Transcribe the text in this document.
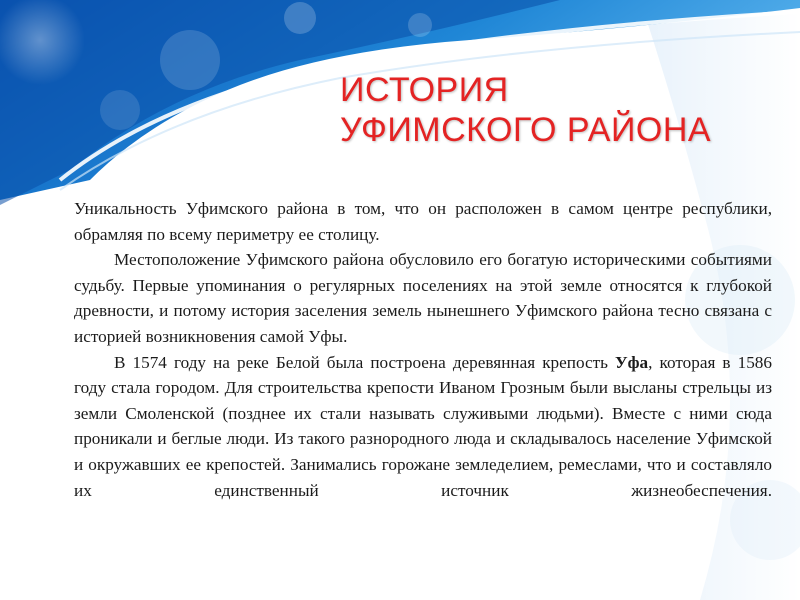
ИСТОРИЯ
УФИМСКОГО РАЙОНА

Уникальность Уфимского района в том, что он расположен в самом центре республики, обрамляя по всему периметру ее столицу.

Местоположение Уфимского района обусловило его богатую историческими событиями судьбу. Первые упоминания о регулярных поселениях на этой земле относятся к глубокой древности, и потому история заселения земель нынешнего Уфимского района тесно связана с историей возникновения самой Уфы.

В 1574 году на реке Белой была построена деревянная крепость Уфа, которая в 1586 году стала городом. Для строительства крепости Иваном Грозным были высланы стрельцы из земли Смоленской (позднее их стали называть служивыми людьми). Вместе с ними сюда проникали и беглые люди. Из такого разнородного люда и складывалось население Уфимской и окружавших ее крепостей. Занимались горожане земледелием, ремеслами, что и составляло их единственный источник жизнеобеспечения.
